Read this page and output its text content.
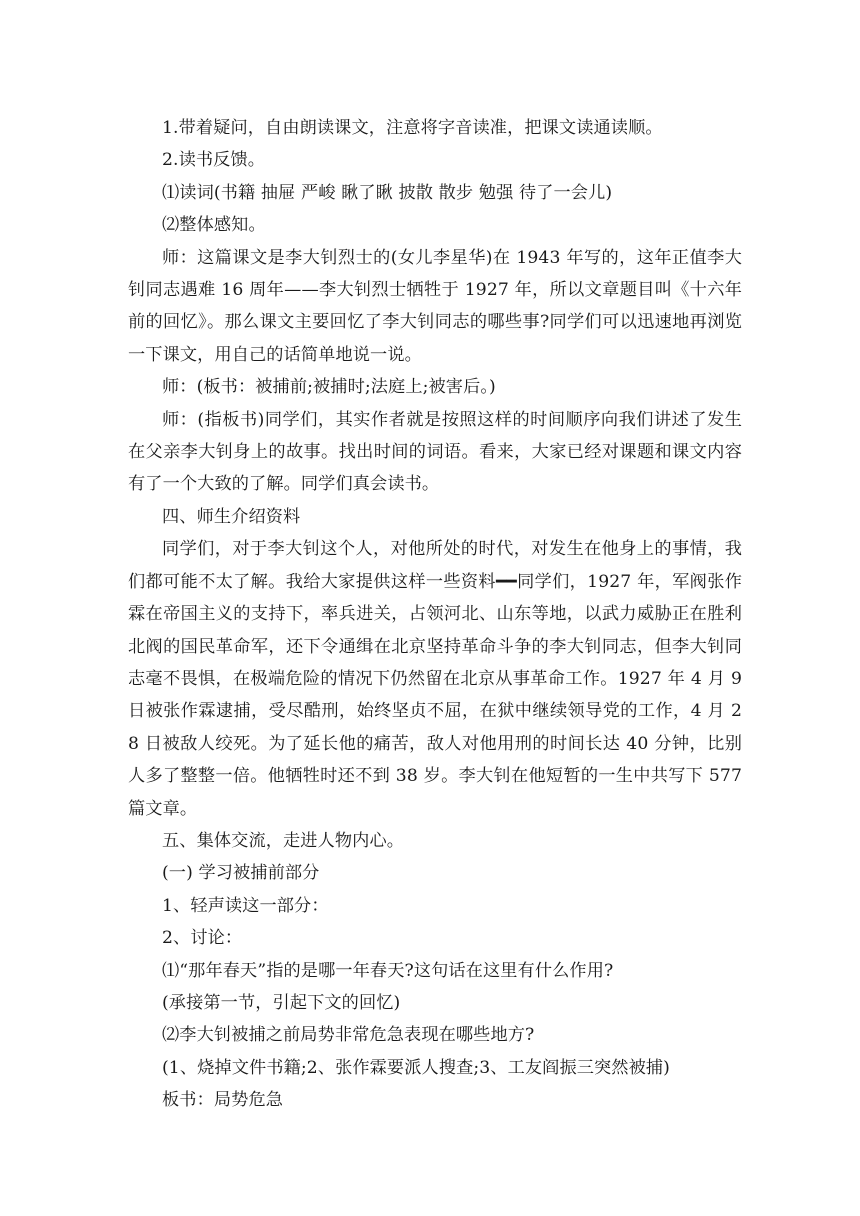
1.带着疑问，自由朗读课文，注意将字音读准，把课文读通读顺。

2.读书反馈。

⑴读词(书籍 抽屉 严峻 瞅了瞅 披散 散步 勉强 待了一会儿)

⑵整体感知。

师：这篇课文是李大钊烈士的(女儿李星华)在 1943 年写的，这年正值李大钊同志遇难 16 周年——李大钊烈士牺牲于 1927 年，所以文章题目叫《十六年前的回忆》。那么课文主要回忆了李大钊同志的哪些事?同学们可以迅速地再浏览一下课文，用自己的话简单地说一说。

师：(板书：被捕前;被捕时;法庭上;被害后。)

师：(指板书)同学们，其实作者就是按照这样的时间顺序向我们讲述了发生在父亲李大钊身上的故事。找出时间的词语。看来，大家已经对课题和课文内容有了一个大致的了解。同学们真会读书。

四、师生介绍资料

同学们，对于李大钊这个人，对他所处的时代，对发生在他身上的事情，我们都可能不太了解。我给大家提供这样一些资料━━同学们，1927 年，军阀张作霖在帝国主义的支持下，率兵进关，占领河北、山东等地，以武力威胁正在胜利北阀的国民革命军，还下令通缉在北京坚持革命斗争的李大钊同志，但李大钊同志毫不畏惧，在极端危险的情况下仍然留在北京从事革命工作。1927 年 4 月 9 日被张作霖逮捕，受尽酷刑，始终坚贞不屈，在狱中继续领导党的工作，4 月 28 日被敌人绞死。为了延长他的痛苦，敌人对他用刑的时间长达 40 分钟，比别人多了整整一倍。他牺牲时还不到 38 岁。李大钊在他短暂的一生中共写下 577 篇文章。

五、集体交流，走进人物内心。

(一) 学习被捕前部分

1、轻声读这一部分：

2、讨论：

⑴“那年春天”指的是哪一年春天?这句话在这里有什么作用?

(承接第一节，引起下文的回忆)

⑵李大钊被捕之前局势非常危急表现在哪些地方?

(1、烧掉文件书籍;2、张作霖要派人搜查;3、工友阎振三突然被捕)

板书：局势危急
